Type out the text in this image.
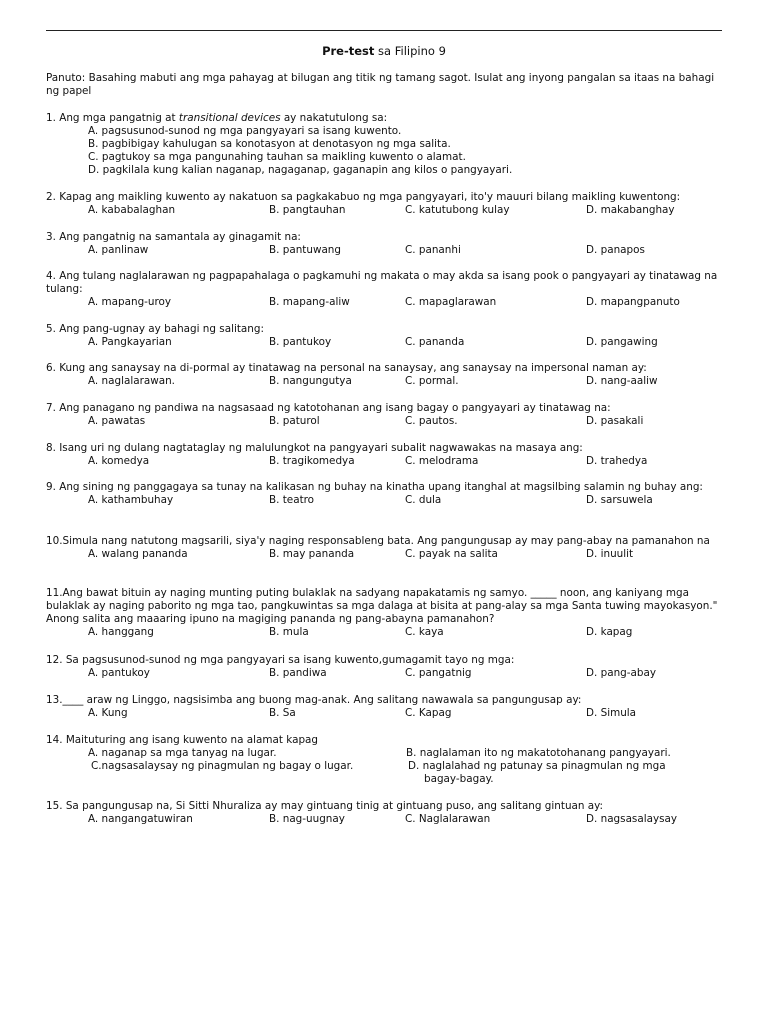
Pre-test sa Filipino 9
Panuto: Basahing mabuti ang mga pahayag at bilugan ang titik ng tamang sagot. Isulat ang inyong pangalan sa itaas na bahagi ng papel
1. Ang mga pangatnig at transitional devices ay nakatutulong sa:
A. pagsusunod-sunod ng mga pangyayari sa isang kuwento.
B. pagbibigay kahulugan sa konotasyon at denotasyon ng mga salita.
C. pagtukoy sa mga pangunahing tauhan sa maikling kuwento o alamat.
D. pagkilala kung kalian naganap, nagaganap, gaganapin ang kilos o pangyayari.
2. Kapag ang maikling kuwento ay nakatuon sa pagkakabuo ng mga pangyayari, ito'y mauuri bilang maikling kuwentong:
A. kababalaghan	B. pangtauhan	C. katutubong kulay	D. makabanghay
3. Ang pangatnig na samantala ay ginagamit na:
A. panlinaw	B. pantuwang	C. pananhi	D. panapos
4. Ang tulang naglalarawan ng pagpapahalaga o pagkamuhi ng makata o may akda sa isang pook o pangyayari ay tinatawag na tulang:
A. mapang-uroy	B. mapang-aliw	C. mapaglarawan	D. mapangpanuto
5. Ang pang-ugnay ay bahagi ng salitang:
A. Pangkayarian	B. pantukoy	C. pananda	D. pangawing
6. Kung ang sanaysay na di-pormal ay tinatawag na personal na sanaysay, ang sanaysay na impersonal naman ay:
A. naglalarawan.	B. nangungutya	C. pormal.	D. nang-aaliw
7. Ang panagano ng pandiwa na nagsasaad ng katotohanan ang isang bagay o pangyayari ay tinatawag na:
A. pawatas	B. paturol	C. pautos.	D. pasakali
8. Isang uri ng dulang nagtataglay ng malulungkot na pangyayari subalit nagwawakas na masaya ang:
A. komedya	B. tragikomedya	C. melodrama	D. trahedya
9. Ang sining ng panggagaya sa tunay na kalikasan ng buhay na kinatha upang itanghal at magsilbing salamin ng buhay ang:
A. kathambuhay	B. teatro	C. dula	D. sarsuwela
10.Simula nang natutong magsarili, siya'y naging responsableng bata. Ang pangungusap ay may pang-abay na pamanahon na
A. walang pananda	B. may pananda	C. payak na salita	D. inuulit
11.Ang bawat bituin ay naging munting puting bulaklak na sadyang napakatamis ng samyo. _____ noon, ang kaniyang mga bulaklak ay naging paborito ng mga tao, pangkuwintas sa mga dalaga at bisita at pang-alay sa mga Santa tuwing mayokasyon." Anong salita ang maaaring ipuno na magiging pananda ng pang-abayna pamanahon?
A. hanggang	B. mula	C. kaya	D. kapag
12. Sa pagsusunod-sunod ng mga pangyayari sa isang kuwento,gumagamit tayo ng mga:
A. pantukoy	B. pandiwa	C. pangatnig	D. pang-abay
13.____ araw ng Linggo, nagsisimba ang buong mag-anak. Ang salitang nawawala sa pangungusap ay:
A. Kung	B. Sa	C. Kapag	D. Simula
14. Maituturing ang isang kuwento na alamat kapag
A. naganap sa mga tanyag na lugar.	B. naglalaman ito ng makatotohanang pangyayari.
C.nagsasalaysay ng pinagmulan ng bagay o lugar.	D. naglalahad ng patunay sa pinagmulan ng mga
bagay-bagay.
15. Sa pangungusap na, Si Sitti Nhuraliza ay may gintuang tinig at gintuang puso, ang salitang gintuan ay:
A. nangangatuwiran	B. nag-uugnay	C. Naglalarawan	D. nagsasalaysay
